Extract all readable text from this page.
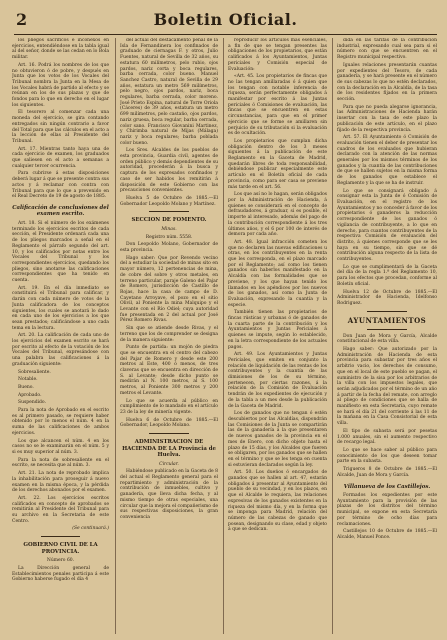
2	Boletin Oficial.

los pliegos sacrificos é inconexos en ejercicios, entendiéndose en la tabla igual al del señor, donde se las cedan en lo Bola militar.

Art. 16. Podrá los nombres de los que no obtuvieron ó de pobre, y después en Junta que los votos de los Vocales del Tribunal nombra la Junta en la Mesa de los Vocales habrá de partido al efecto y se reúnan en los de sus plazas y que de fondos para lo que en derecho en el lugar los siguientes.

El tesorero al comenzar cada una moneda del ejercicio, se gira contando entregados sin ningún contrario a favor del Total para que las cálculos en el acto a la lección de ellas al Presidente del Tribunal.

Art. 17. Mientras tanto haya una de cada ejercicio de examen, los graduados que saliesen en el acto a semanas a cualquier tercer ocurrencia.

Para cubrirse á estas disposiciones deberá lugar á que se presente contra sus actos y á reclamar con contra con Tribunal para que lo que a prevenido en el Real Decreto de 19 de agosto de 1885.

Calificación de conclusiones del examen escrito.

Art. 18. Si el número de los exámenes terminado los ejercicios escritos de cada sección, el Presidente ordenará cada una de los pliegos marcados a señal en el Reglamento el párrafo segundo del art. 10, y los calificados por notas entre los Vocales del Tribunal y los correspondientes ejercicios, quedando los pliegos, sino anotarse las calificaciones correspondientes que ha tenido en cuenta.

Art. 19. En el día inmediato se constituirá el Tribunal para calificar, y darán con cada número de votos de la Junta calificadora de los conceptos siguientes, los cuales se anotará lo dado en cada uno de los ejercicios a los que sean prestados; calificándose a uno cada tema en la lectura.

Art. 20. La calificación de cada uno de los ejercicios del examen escrito se hará por escrito al efecto de la votación de los Vocales del Tribunal, expresándose con una palabra las calificaciones á la graduación siguiente:

Sobresaliente.

Notable.

Bueno.

Aprobado.

Suspendido.

Para la nota de Aprobado en el escrito es al primero pasado, se requiere haber obtenido por lo menos el núm. 4 en la suma de las calificaciones de ambos ejercicios.

Los que alcancen el núm. 4 en los casos no se le examinarán en el núm. 5 y si es muy superior al núm. 3.

Para la nota de sobresaliente en el escrito, se necesita que al núm. 3.

Art. 21. La nota de reprobado implica la inhabilitación para proseguir á nuevo examen en la misma época, y la pérdida de los derechos abonados por el examen.

Art. 22. Los ejercicios escritos calificados en concepto de aprobados se remitirán al Presidente del Tribunal para su archivo en la Secretaria de este Centro.

(Se continuará.)

GOBIERNO CIVIL DE LA PROVINCIA.

Número 60.

La Dirección general de Establecimientos penales participa á este Gobierno haberse fugado el día 4

del actual del destacamento penal de la Isla de Fernandinera los confinados de graduado de ciernagas F. y otros, Julio Fuentes, natural de Sevilla de 32 años, su estatura 60 milímetros, pelo rubio, ojos pardos, nariz corta y boca regulares, barba cerrada, color bueno. Manuel Sanchez Castro, natural de Sevilla de 29 años, estatura un metro 569 milímetros, pelo negro, ojos pardos, nariz, boca regulares, barba cerrada, color moreno. José Prieto Espina, natural de Torre Oriola (Cáceres) de 39 años, estatura un metro 699 milímetros, pelo castaño, ojos pardos, nariz gruesa, boca regular, barba cerrada, color sano. Francisco Giovanini Martinez, y Chirimba natural de Mijas (Málaga) nariz y boca regulares; barba poblada color bueno.

Los Sres. Alcaldes de los pueblos de esta provincia, Guardia civil, agentes de orden público y demás dependientes de su autoridad, procederán á la busca y captura de los expresados confinados y caso de ser habidos los remitirán á disposición de este Gobierno con las precauciones convenientes.

Huelva 5 de Octubre de 1885.—El Gobernador Leopoldo Molano y Martínez.

SECCION DE FOMENTO.

Minas.

Registro núm. 5558.

Don Leopoldo Molano, Gobernador de esta provincia.

Hago saber: Que por Revendo vecino del a estudiar la sociedad de minas sito en mayor número, 12 pertenencias de mina, de cobre del sobre y otros metales, en terreno particular, paraje Galeno del Pajar de Romero, jurisdicción de Castillo de Rojas, hace la casa de campo de D. Cayetano Arroyave, el pozo en el sitio Olivil, al Poniente la mina Malquipo y el Levante con el Río Odiel; cuya autoridad fue presentada en 2 del actual por José Pérez Romero Rivas.

Sin que se atiende desde Rivas, y el terreno que los de comprender se designa de la manera siguiente:

Punto de partida: un mojón de piedra que se encuentra en el centro del cabezo del Pajar de Romero y desde este 200 metros al Este, 400 ó menos, de tres claveras que se encuentra en dirección de S. al Levante; desde dicho punto se medirán al N. 100 metros, al S. 100 metros, al Poniente 300 metros y 200 metros el Levante.

Lo que se acuerda al público en cumplimiento de lo mandado en el artículo 23 de la ley de minería vigente.

Huelva 6 de Octubre de 1885.—El Gobernador, Leopoldo Molano.

ADMINISTRACION DE HACIENDA DE LA Provincia de Huelva.

Circular.

Habiéndose publicado en la Gaceta de 8 del actual el Reglamento general para el repartimiento y administración de la contribución de inmuebles, cultivo y ganadería, que lleva dicha fecha, y al mismo tiempo de otras especiales, una circular que la mejora el compañerismo de sus respectivas disposiciones, la gran conveniencia

reproducir los artículos más esenciales, a fin de que se tengan presentes las obligaciones de los propietarios, que están calificados á los Ayuntamientos, Juntas periciales y Comisión especial de Evaluación:

«Art. 45. Los propietarios de fincas que no las tengan amillaradas ó á quien que los tengan con notable inferencia de riqueza, serán perfectamente obligados á manifestar por escrito á las Juntas periciales ó Comisiones de evaluación, las fincas que se encuentren en estas circunstancias, para que en el primer ejercicio que se forme se amillaren sin perjuicio de su tributación si la evaluación es de ocultación.

Los propietarios que cumplan dicha obligación dentro de los 3 meses siguientes á la publicación de este Reglamento en la Gaceta de Madrid, quedarán libres de toda responsabilidad, debiéndose publicar especialmente este artículo en el Boletín oficial de cada provincia, como para ser casa se previene más tarde en el art. 56.

Los que así no lo hagan, serán obligados por la Administración de Hacienda, á quienes se considerará en el concepto de defraudadores, á graduar, si es posible, el importe al interesado, además del pago de la contribución correspondiente á los tres últimos años, y el 6 por 100 de interés de demora por cada año.

Art. 48. Igual infracción cometen los que no declaren las nuevas edificaciones u otras, en los contribuyentes en la renta que les corresponda, en el plazo marcado por el Reglamento; así como los tienen ganados sin haberlos manifestado en la Alcaldía con las formalidades que se previene, y los que hayan tenido los llamados en los apéndices por los nuevos de los ganados, así como la Junta de Evaluación, expresando la cuantía y la especie.

También tienen las propietarios de fincas rústicas y urbanas ó de ganados de la cuarta parte de la contribución y los Ayuntamientos y Juntas Periciales á quienes se impute, según lo establecido, en la letra correspondiente de los actuales pagos.

Art. 49. Los Ayuntamientos y Juntas Periciales, que emiten en conjunto la relación de liquidación de las rentas de los contribuyentes y la cuantía de las dimisiones de los de su término, pertenecen, por ciertas razones, á la relación de la Comisión de Evaluación tendrán de los expedientes de ejecución y de la tabla a un mes desde la publicación de la Gaceta de Madrid.

Los de ganados que no tengan ó estén descubiertos por las Alcaldías, dispondrán las Comisiones de la Junta se compartirán las de la ganadería á la que presentaren de nuevos ganados de la provincia en el mes de Enero, con dicho objeto hasta el plazo de 15 días, y los Alcaldes que fueren se obligaren, por los ganados que se hallen en el término y que se les tenga en cuenta si estuvieran declarados según la ley.

Art. 50. Los dueños ó encargados de ganados que se hallen al art. 47, estarán obligados á presentar al Ayuntamiento del pueblo de su vecindad, y en los plazos, en que el Alcalde le requiera, las relaciones expresivas de los ganados existentes en la riqueza del mismo día, y en la forma que se imponga para Madrid, relación del número de las cabezas de ganado que posean, designando su clase, edad y objeto á que se dedican.

dida en las tarifas de la contribución industrial, expresando cual sea para si el número con que se encuentren en el Registro municipal respectivo.

Iguales relaciones presentarán cuantas por expedientes del Tesoro, de cada ganadería, y se hará presente en el número de sus cabezas lo que no estén declarados, con la declaración en la Alcaldía, de la tasa de los residentes fijados en la primera sección.

Para que no pueda alegarse ignorancia, las Administraciones de Hacienda harán insertar con la tasa de este plazo la publicación de este artículo, en el plazo fijado de la respectiva provincia.

Art. 57. El Ayuntamiento ó Comisión de evaluación tienen el deber de presentar los cuadros de los evaluados que hubieran declarado con la atención de las normas generales por los mismos términos de los ganados y la cuantía de las contribuciones de que se hallen sujetos en la misma forma de los ganados que establece el Reglamento y la que se ha de instruir.

Lo que se consignará obligado á consignar esta la Junta de ó Comisión de Evaluación, en el registro de los Ayuntamientos y no conceder á favor de los propietarios ó ganaderos la reducción correspondiente de los ganados ó vigilancia de contribuyente, a lo que en derecho, para cuantos contribuyentes de la respectiva Comisión de evaluación del distrito, á quienes corresponde que se les haya en su tiempo, sin que se dé contribución alguna respecto de la lista de contribuyentes.

Lo que se cumplimentará de la Gaceta del día de la regla 1.ª del Reglamento 10, para los efectos que procedan, conforme al Boletín oficial.

Huelva 12 de Octubre de 1885.—El Administrador de Hacienda, Idelfonso Rodriguez.

AYUNTAMIENTOS

Don Juan de Mora y García, Alcalde constitucional de esta villa.

Hago saber: Que autorizado por la Administración de Hacienda de esta provincia para subastar por tres años el arbitrio vacio, los derechos de consumo, que en el local de este pueblo se pagan, el suministro de la sisa por los arbitrarios de la villa con los impuestos legales, que serán adjudicados por el término de un año á partir de la fecha del remate, con arreglo al pliego de condiciones que se halla de manifiesto en esta Secretaría, cuyo remate se hará el día 21 del corriente á las 11 de la mañana en la Casa Consistorial de esta villa.

El tipo de subasta será por pesetas 1.000 anuales, sin el aumento respectivo de recargo legal.

Lo que se hace saber al público para conocimiento de los que deseen tomar parte en la subasta.

Trigueros 8 de Octubre de 1885.—El Alcalde, Juan de Mora y García.

Villanueva de los Castillejos.

Formados los expedientes por este Ayuntamiento para la provisión de las plazas de los distritos del término municipal, se expone en esta Secretaría por término de ocho días para reclamaciones.

Castillejos 10 de Octubre de 1885.—El Alcalde, Manuel Ponce.
